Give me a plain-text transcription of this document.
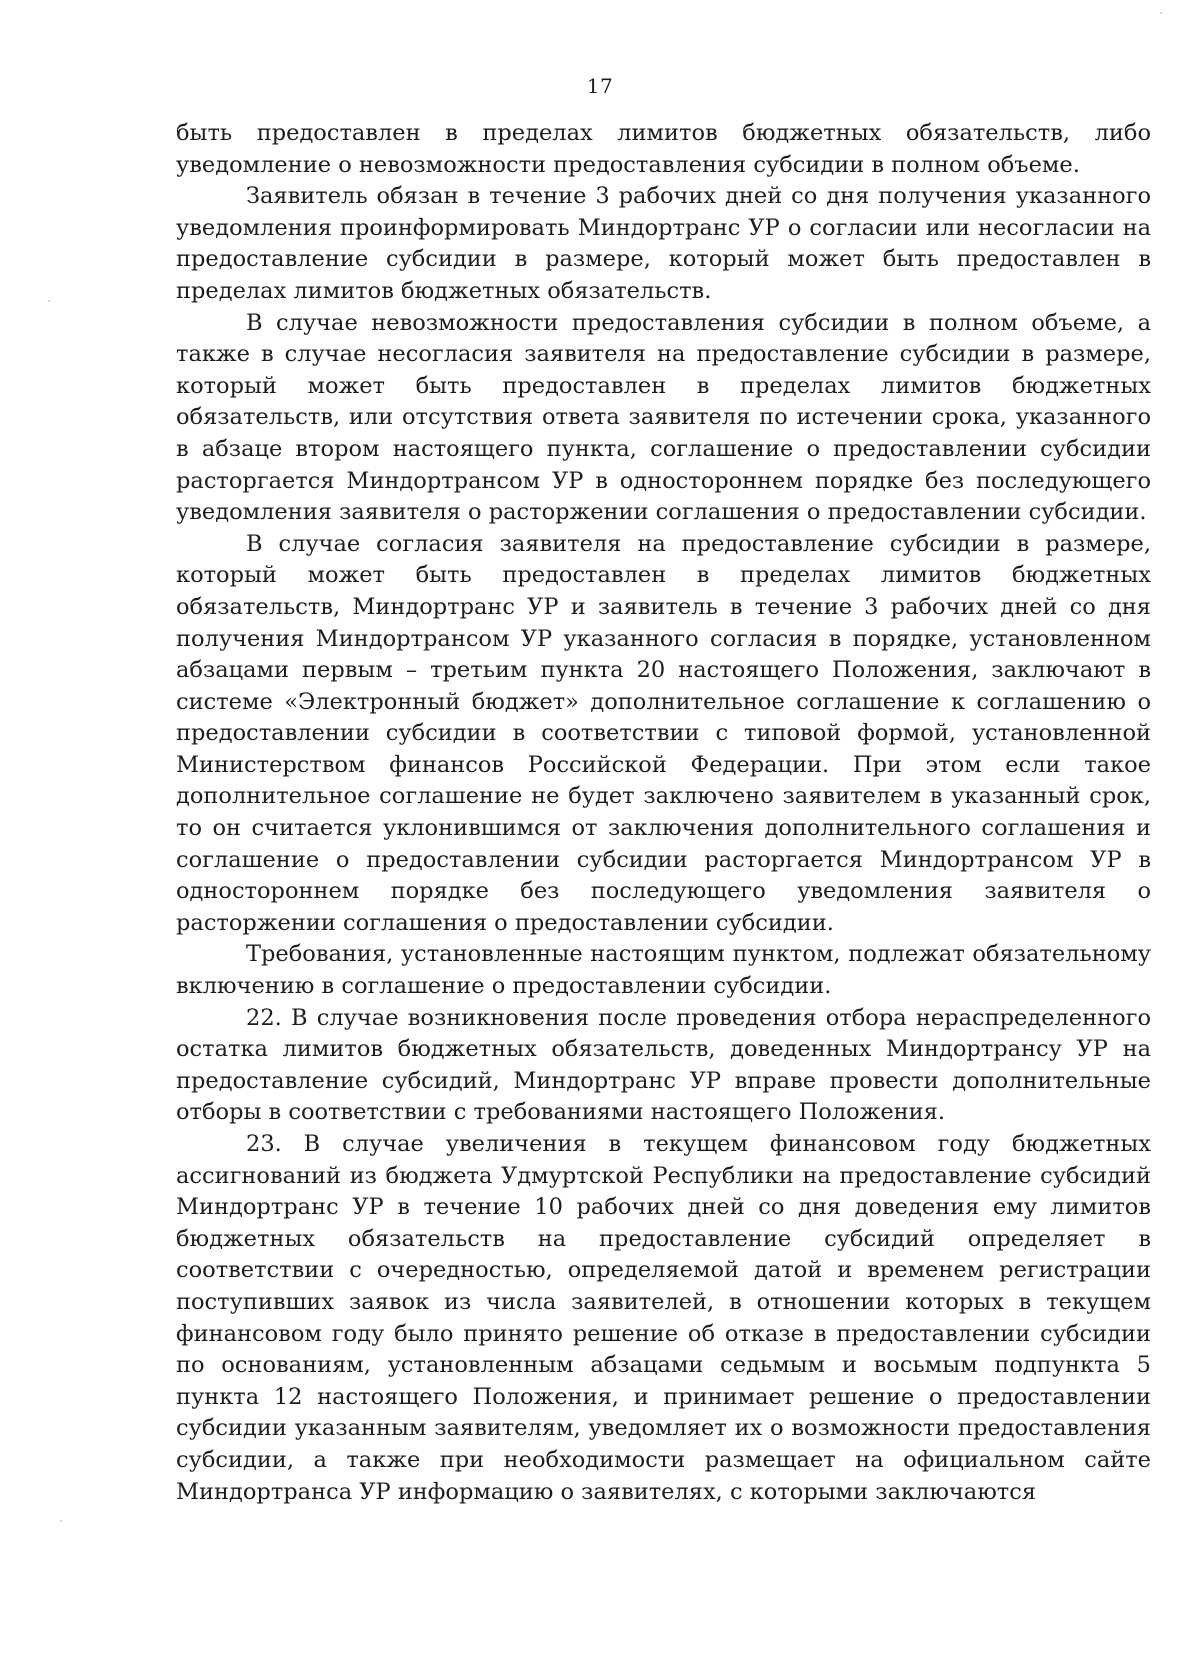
17

быть предоставлен в пределах лимитов бюджетных обязательств, либо уведомление о невозможности предоставления субсидии в полном объеме.

Заявитель обязан в течение 3 рабочих дней со дня получения указанного уведомления проинформировать Миндортранс УР о согласии или несогласии на предоставление субсидии в размере, который может быть предоставлен в пределах лимитов бюджетных обязательств.

В случае невозможности предоставления субсидии в полном объеме, а также в случае несогласия заявителя на предоставление субсидии в размере, который может быть предоставлен в пределах лимитов бюджетных обязательств, или отсутствия ответа заявителя по истечении срока, указанного в абзаце втором настоящего пункта, соглашение о предоставлении субсидии расторгается Миндортрансом УР в одностороннем порядке без последующего уведомления заявителя о расторжении соглашения о предоставлении субсидии.

В случае согласия заявителя на предоставление субсидии в размере, который может быть предоставлен в пределах лимитов бюджетных обязательств, Миндортранс УР и заявитель в течение 3 рабочих дней со дня получения Миндортрансом УР указанного согласия в порядке, установленном абзацами первым – третьим пункта 20 настоящего Положения, заключают в системе «Электронный бюджет» дополнительное соглашение к соглашению о предоставлении субсидии в соответствии с типовой формой, установленной Министерством финансов Российской Федерации. При этом если такое дополнительное соглашение не будет заключено заявителем в указанный срок, то он считается уклонившимся от заключения дополнительного соглашения и соглашение о предоставлении субсидии расторгается Миндортрансом УР в одностороннем порядке без последующего уведомления заявителя о расторжении соглашения о предоставлении субсидии.

Требования, установленные настоящим пунктом, подлежат обязательному включению в соглашение о предоставлении субсидии.

22. В случае возникновения после проведения отбора нераспределенного остатка лимитов бюджетных обязательств, доведенных Миндортрансу УР на предоставление субсидий, Миндортранс УР вправе провести дополнительные отборы в соответствии с требованиями настоящего Положения.

23. В случае увеличения в текущем финансовом году бюджетных ассигнований из бюджета Удмуртской Республики на предоставление субсидий Миндортранс УР в течение 10 рабочих дней со дня доведения ему лимитов бюджетных обязательств на предоставление субсидий определяет в соответствии с очередностью, определяемой датой и временем регистрации поступивших заявок из числа заявителей, в отношении которых в текущем финансовом году было принято решение об отказе в предоставлении субсидии по основаниям, установленным абзацами седьмым и восьмым подпункта 5 пункта 12 настоящего Положения, и принимает решение о предоставлении субсидии указанным заявителям, уведомляет их о возможности предоставления субсидии, а также при необходимости размещает на официальном сайте Миндортранса УР информацию о заявителях, с которыми заключаются
